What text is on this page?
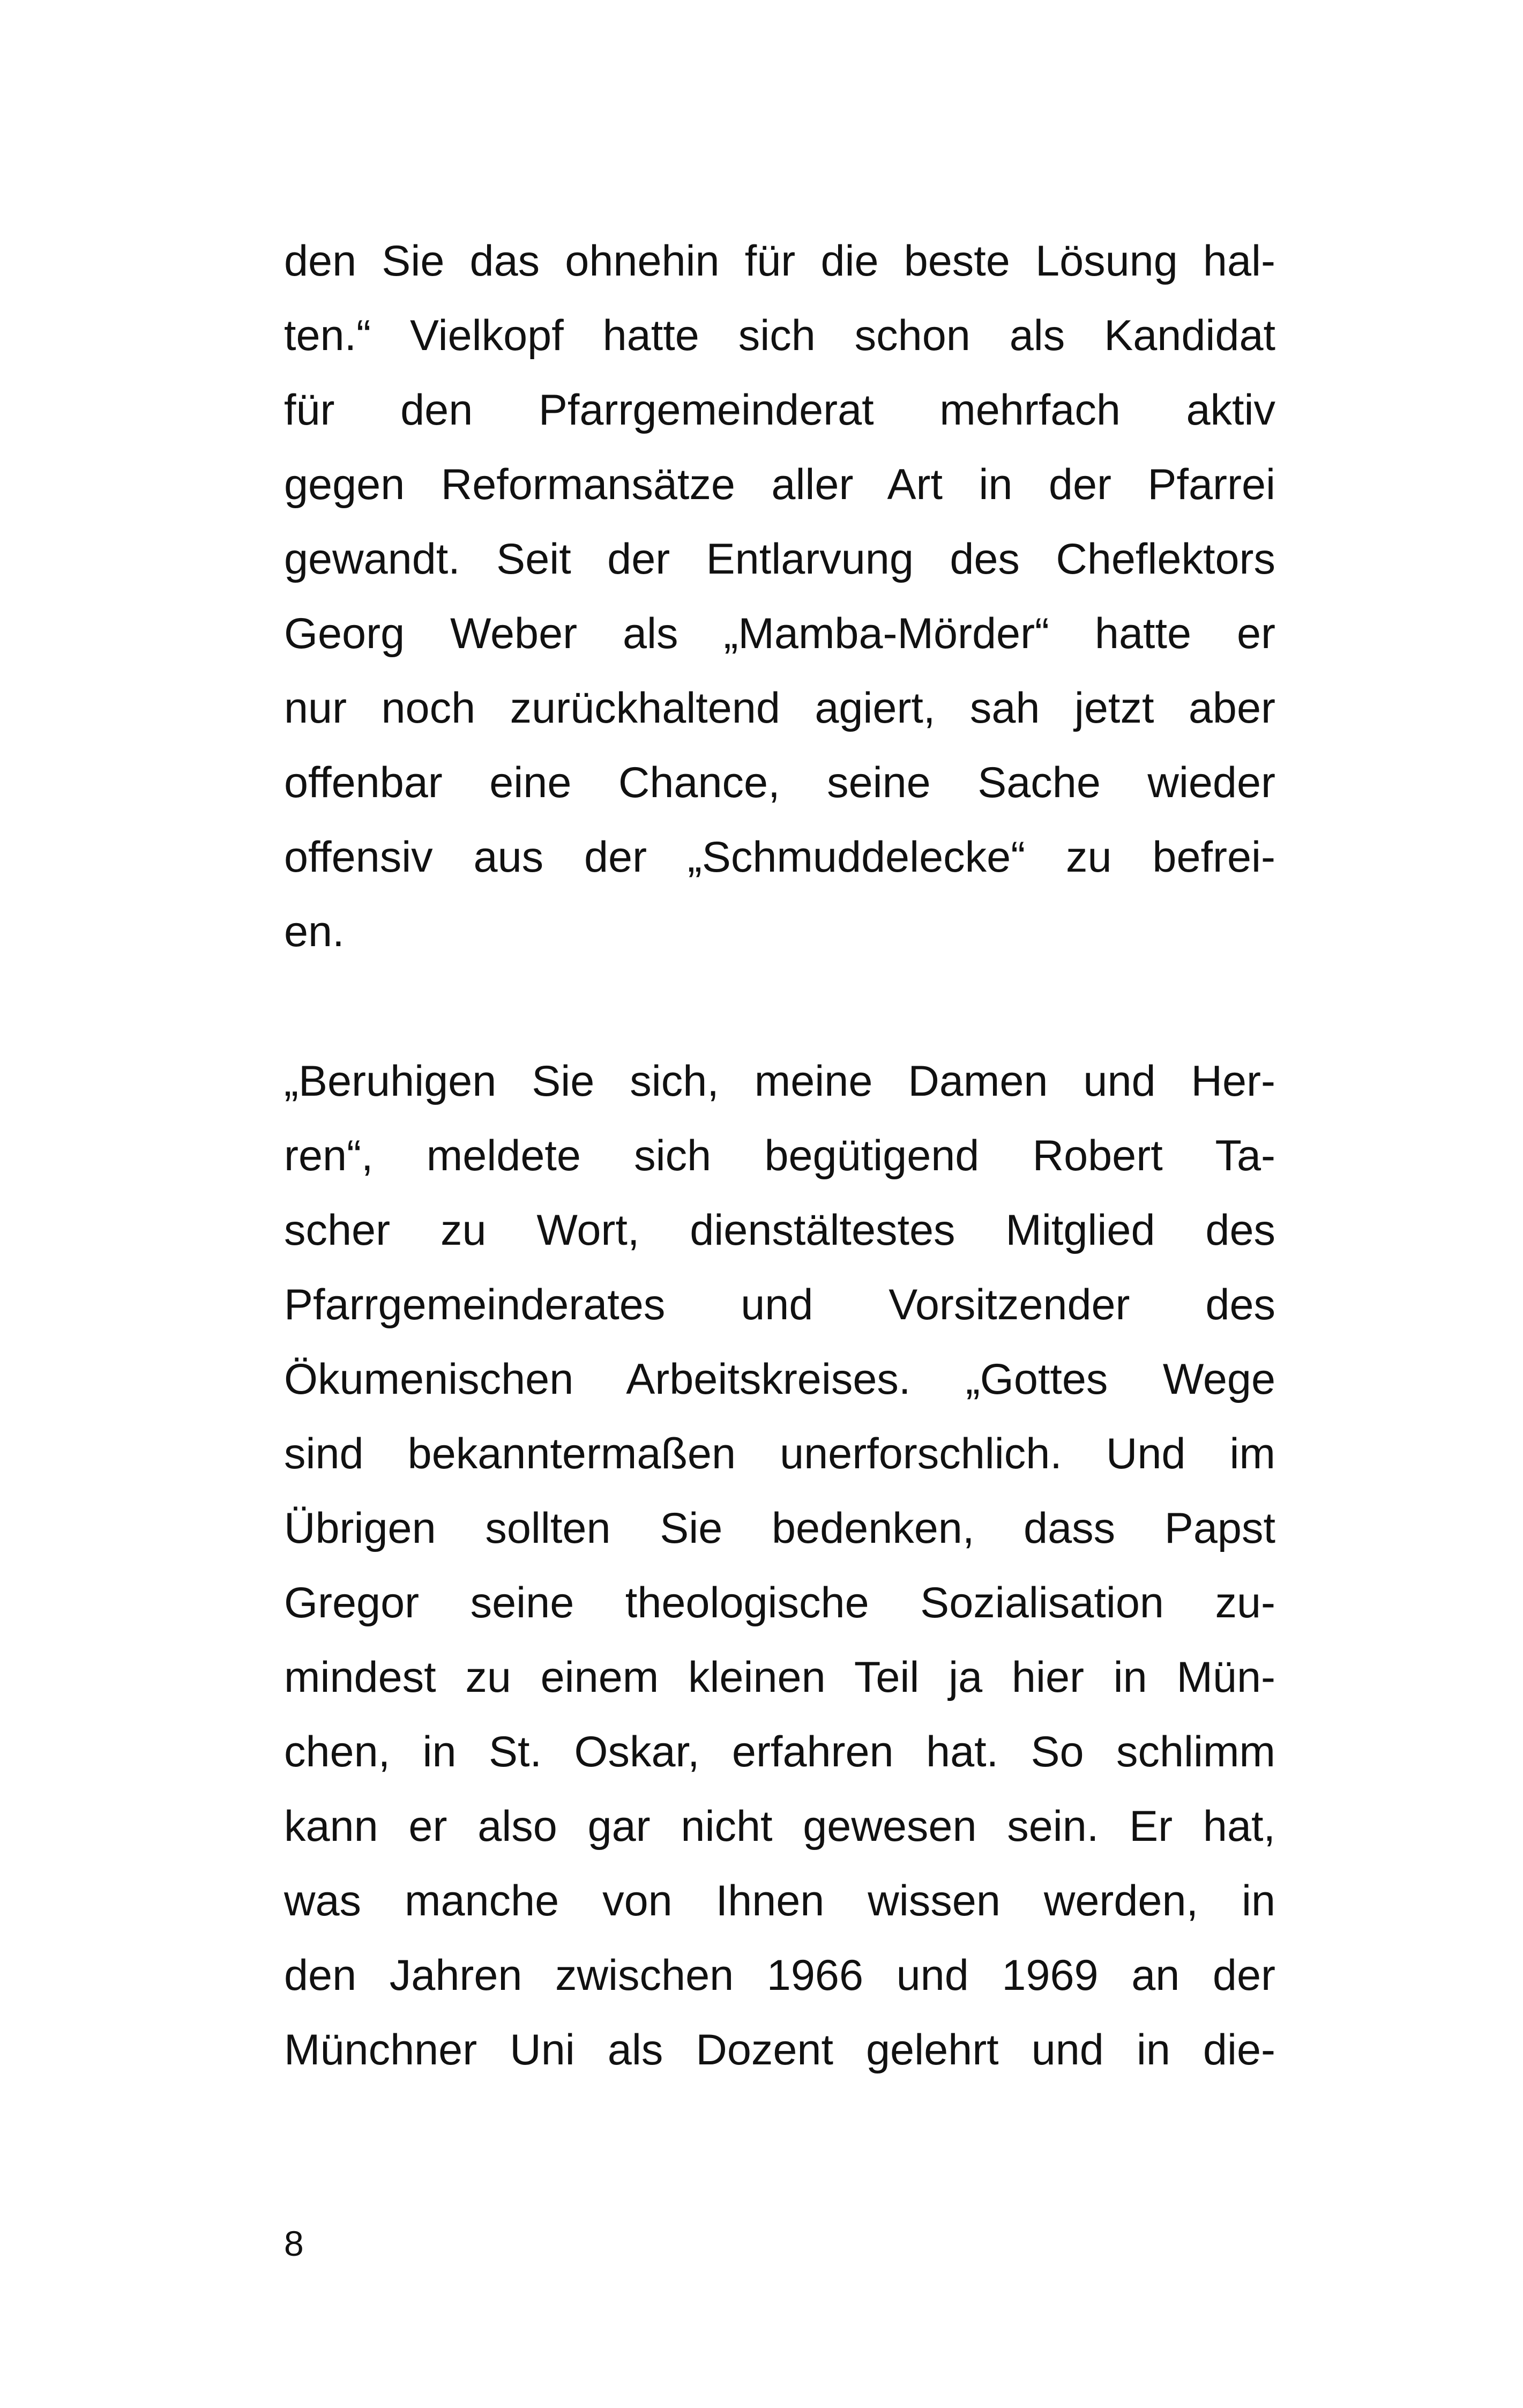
den Sie das ohnehin für die beste Lösung hal-
ten.“ Vielkopf hatte sich schon als Kandidat
für den Pfarrgemeinderat mehrfach aktiv
gegen Reformansätze aller Art in der Pfarrei
gewandt. Seit der Entlarvung des Cheflektors
Georg Weber als „Mamba-Mörder“ hatte er
nur noch zurückhaltend agiert, sah jetzt aber
offenbar eine Chance, seine Sache wieder
offensiv aus der „Schmuddelecke“ zu befrei-
en.
„Beruhigen Sie sich, meine Damen und Her-
ren“, meldete sich begütigend Robert Ta-
scher zu Wort, dienstältestes Mitglied des
Pfarrgemeinderates und Vorsitzender des
Ökumenischen Arbeitskreises. „Gottes Wege
sind bekanntermaßen unerforschlich. Und im
Übrigen sollten Sie bedenken, dass Papst
Gregor seine theologische Sozialisation zu-
mindest zu einem kleinen Teil ja hier in Mün-
chen, in St. Oskar, erfahren hat. So schlimm
kann er also gar nicht gewesen sein. Er hat,
was manche von Ihnen wissen werden, in
den Jahren zwischen 1966 und 1969 an der
Münchner Uni als Dozent gelehrt und in die-
8
